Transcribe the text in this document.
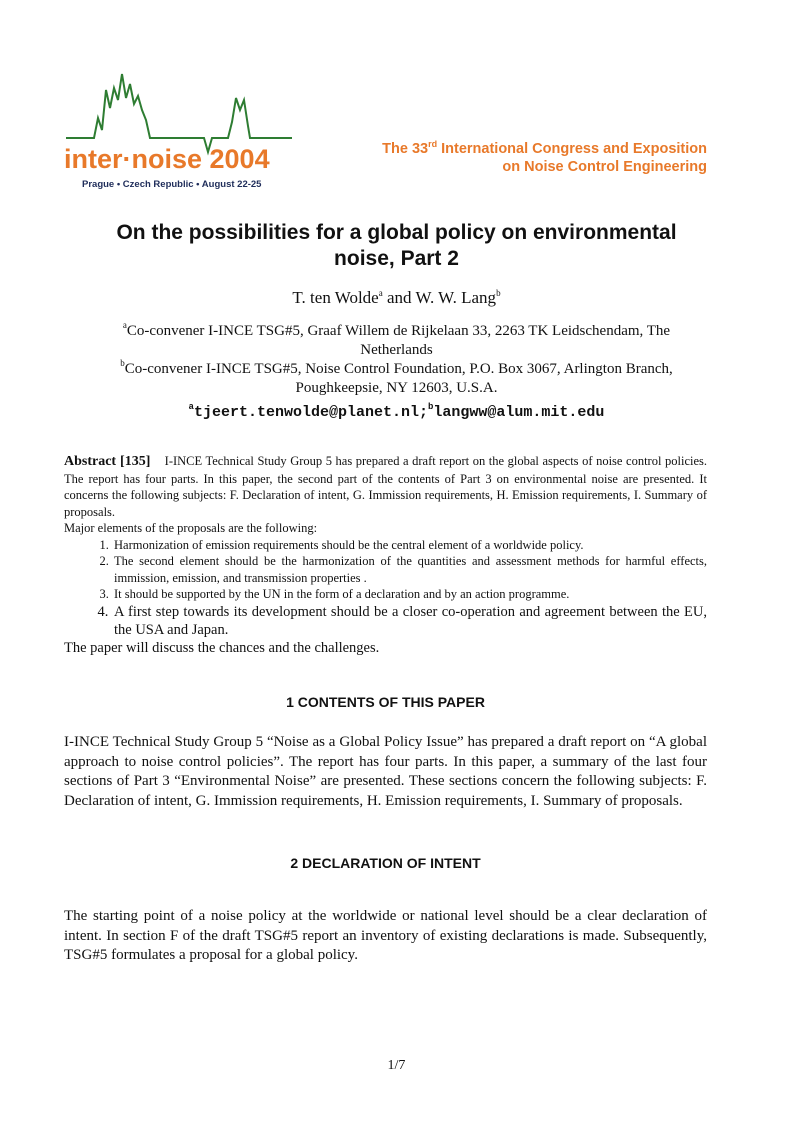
inter·noise 2004
Prague • Czech Republic • August 22-25
The 33rd International Congress and Exposition
on Noise Control Engineering
On the possibilities for a global policy on environmental
noise, Part 2
T. ten Wolde$^a$ and W. W. Lang$^b$
$^a$Co-convener I-INCE TSG#5, Graaf Willem de Rijkelaan 33, 2263 TK Leidschendam, The
Netherlands
$^b$Co-convener I-INCE TSG#5, Noise Control Foundation, P.O. Box 3067, Arlington Branch,
Poughkeepsie, NY 12603, U.S.A.
$^a$tjeert.tenwolde@planet.nl;$^b$langww@alum.mit.edu
Abstract [135] I-INCE Technical Study Group 5 has prepared a draft report on the global aspects of noise control policies. The report has four parts. In this paper, the second part of the contents of Part 3 on environmental noise are presented. It concerns the following subjects: F. Declaration of intent, G. Immission requirements, H. Emission requirements, I. Summary of proposals.
Major elements of the proposals are the following:
1. Harmonization of emission requirements should be the central element of a worldwide policy.
2. The second element should be the harmonization of the quantities and assessment methods for harmful effects, immission, emission, and transmission properties .
3. It should be supported by the UN in the form of a declaration and by an action programme.
4. A first step towards its development should be a closer co-operation and agreement between the EU, the USA and Japan.
The paper will discuss the chances and the challenges.
1 CONTENTS OF THIS PAPER
I-INCE Technical Study Group 5 “Noise as a Global Policy Issue” has prepared a draft report on “A global approach to noise control policies”. The report has four parts. In this paper, a summary of the last four sections of Part 3 “Environmental Noise” are presented. These sections concern the following subjects: F. Declaration of intent, G. Immission requirements, H. Emission requirements, I. Summary of proposals.
2 DECLARATION OF INTENT
The starting point of a noise policy at the worldwide or national level should be a clear declaration of intent. In section F of the draft TSG#5 report an inventory of existing declarations is made. Subsequently, TSG#5 formulates a proposal for a global policy.
1/7
